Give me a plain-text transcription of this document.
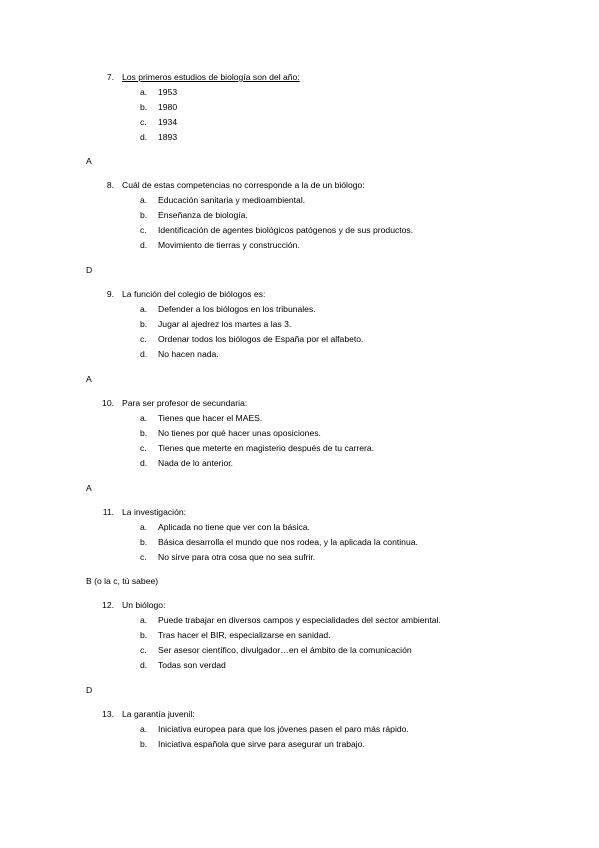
7. Los primeros estudios de biología son del año:
a. 1953
b. 1980
c. 1934
d. 1893
A
8. Cuál de estas competencias no corresponde a la de un biólogo:
a. Educación sanitaria y medioambiental.
b. Enseñanza de biología.
c. Identificación de agentes biológicos patógenos y de sus productos.
d. Movimiento de tierras y construcción.
D
9. La función del colegio de biólogos es:
a. Defender a los biólogos en los tribunales.
b. Jugar al ajedrez los martes a las 3.
c. Ordenar todos los biólogos de España por el alfabeto.
d. No hacen nada.
A
10. Para ser profesor de secundaria:
a. Tienes que hacer el MAES.
b. No tienes por qué hacer unas oposiciones.
c. Tienes que meterte en magisterio después de tu carrera.
d. Nada de lo anterior.
A
11. La investigación:
a. Aplicada no tiene que ver con la básica.
b. Básica desarrolla el mundo que nos rodea, y la aplicada la continua.
c. No sirve para otra cosa que no sea sufrir.
B (o la c, tú sabee)
12. Un biólogo:
a. Puede trabajar en diversos campos y especialidades del sector ambiental.
b. Tras hacer el BIR, especializarse en sanidad.
c. Ser asesor científico, divulgador…en el ámbito de la comunicación
d. Todas son verdad
D
13. La garantía juvenil:
a. Iniciativa europea para que los jóvenes pasen el paro más rápido.
b. Iniciativa española que sirve para asegurar un trabajo.
